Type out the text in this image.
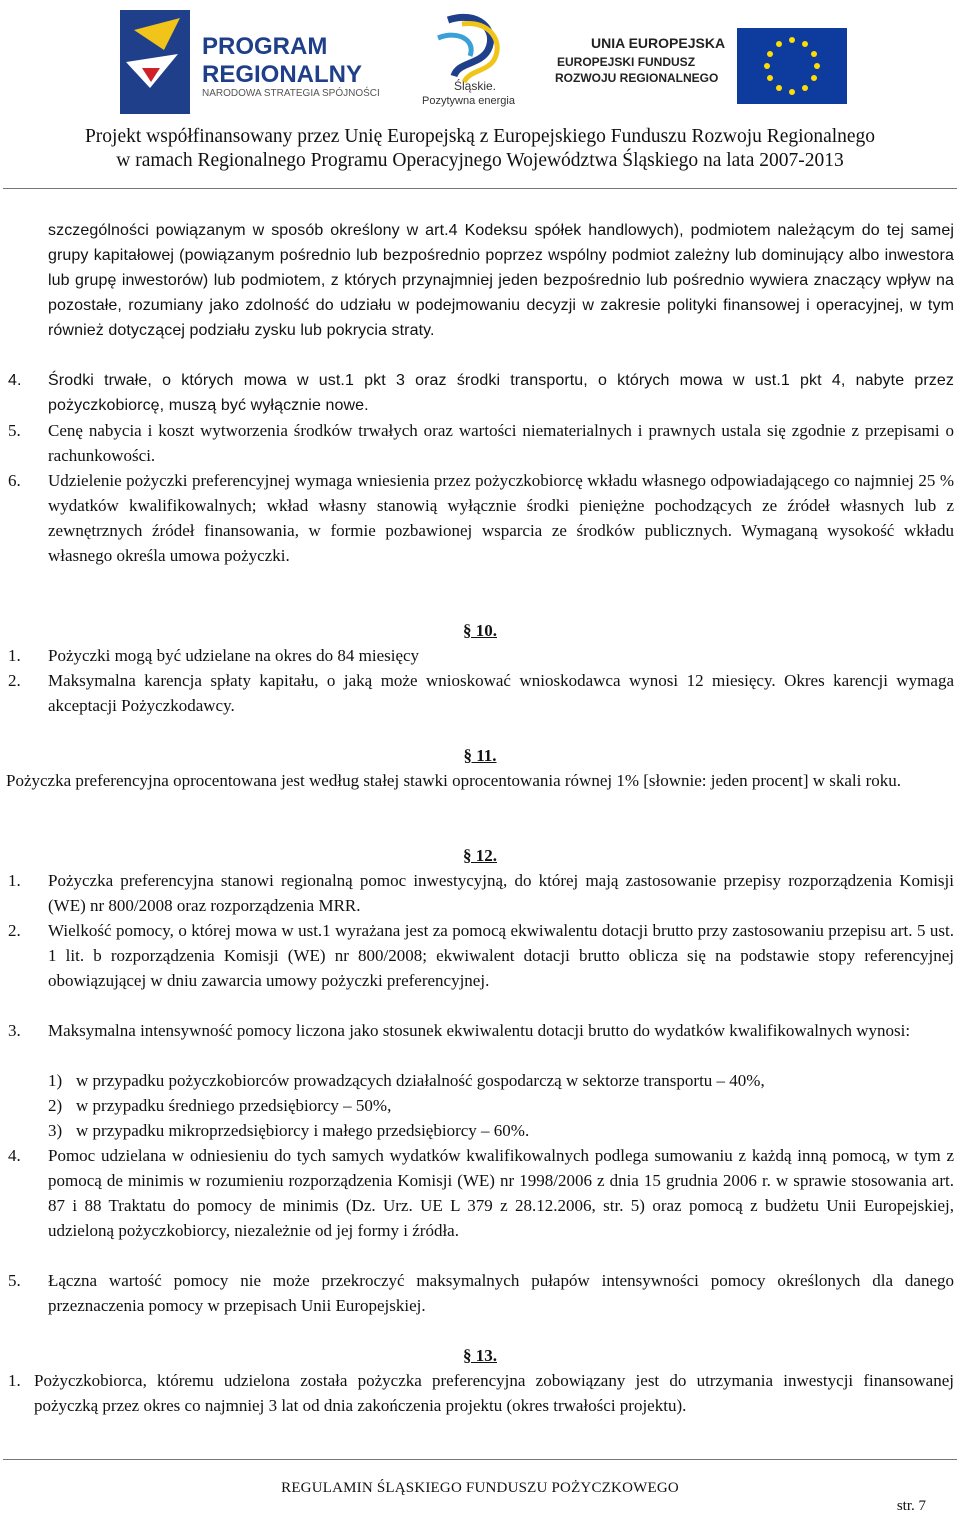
PROGRAM
REGIONALNY
NARODOWA STRATEGIA SPÓJNOŚCI
Śląskie.
Pozytywna energia
UNIA EUROPEJSKA
EUROPEJSKI FUNDUSZ
ROZWOJU REGIONALNEGO
Projekt współfinansowany przez Unię Europejską z Europejskiego Funduszu Rozwoju Regionalnego
w ramach Regionalnego Programu Operacyjnego Województwa Śląskiego na lata 2007-2013
szczególności powiązanym w sposób określony w art.4 Kodeksu spółek handlowych), podmiotem należącym do tej samej grupy kapitałowej (powiązanym pośrednio lub bezpośrednio poprzez wspólny podmiot zależny lub dominujący albo inwestora lub grupę inwestorów) lub podmiotem, z których przynajmniej jeden bezpośrednio lub pośrednio wywiera znaczący wpływ na pozostałe, rozumiany jako zdolność do udziału w podejmowaniu decyzji w zakresie polityki finansowej i operacyjnej, w tym również dotyczącej podziału zysku lub pokrycia straty.
4. Środki trwałe, o których mowa w ust.1 pkt 3 oraz środki transportu, o których mowa w ust.1 pkt 4, nabyte przez pożyczkobiorcę, muszą być wyłącznie nowe.
5. Cenę nabycia i koszt wytworzenia środków trwałych oraz wartości niematerialnych i prawnych ustala się zgodnie z przepisami o rachunkowości.
6. Udzielenie pożyczki preferencyjnej wymaga wniesienia przez pożyczkobiorcę wkładu własnego odpowiadającego co najmniej 25 % wydatków kwalifikowalnych; wkład własny stanowią wyłącznie środki pieniężne pochodzących ze źródeł własnych lub z zewnętrznych źródeł finansowania, w formie pozbawionej wsparcia ze środków publicznych. Wymaganą wysokość wkładu własnego określa umowa pożyczki.
§ 10.
1. Pożyczki mogą być udzielane na okres do 84 miesięcy
2. Maksymalna karencja spłaty kapitału, o jaką może wnioskować wnioskodawca wynosi 12 miesięcy. Okres karencji wymaga akceptacji Pożyczkodawcy.
§ 11.
Pożyczka preferencyjna oprocentowana jest według stałej stawki oprocentowania równej 1% [słownie: jeden procent] w skali roku.
§ 12.
1. Pożyczka preferencyjna stanowi regionalną pomoc inwestycyjną, do której mają zastosowanie przepisy rozporządzenia Komisji (WE) nr 800/2008 oraz rozporządzenia MRR.
2. Wielkość pomocy, o której mowa w ust.1 wyrażana jest za pomocą ekwiwalentu dotacji brutto przy zastosowaniu przepisu art. 5 ust. 1 lit. b rozporządzenia Komisji (WE) nr 800/2008; ekwiwalent dotacji brutto oblicza się na podstawie stopy referencyjnej obowiązującej w dniu zawarcia umowy pożyczki preferencyjnej.
3. Maksymalna intensywność pomocy liczona jako stosunek ekwiwalentu dotacji brutto do wydatków kwalifikowalnych wynosi:
1) w przypadku pożyczkobiorców prowadzących działalność gospodarczą w sektorze transportu – 40%,
2) w przypadku średniego przedsiębiorcy – 50%,
3) w przypadku mikroprzedsiębiorcy i małego przedsiębiorcy – 60%.
4. Pomoc udzielana w odniesieniu do tych samych wydatków kwalifikowalnych podlega sumowaniu z każdą inną pomocą, w tym z pomocą de minimis w rozumieniu rozporządzenia Komisji (WE) nr 1998/2006 z dnia 15 grudnia 2006 r. w sprawie stosowania art. 87 i 88 Traktatu do pomocy de minimis (Dz. Urz. UE L 379 z 28.12.2006, str. 5) oraz pomocą z budżetu Unii Europejskiej, udzieloną pożyczkobiorcy, niezależnie od jej formy i źródła.
5. Łączna wartość pomocy nie może przekroczyć maksymalnych pułapów intensywności pomocy określonych dla danego przeznaczenia pomocy w przepisach Unii Europejskiej.
§ 13.
1. Pożyczkobiorca, któremu udzielona została pożyczka preferencyjna zobowiązany jest do utrzymania inwestycji finansowanej pożyczką przez okres co najmniej 3 lat od dnia zakończenia projektu (okres trwałości projektu).
REGULAMIN ŚLĄSKIEGO FUNDUSZU POŻYCZKOWEGO
str. 7
